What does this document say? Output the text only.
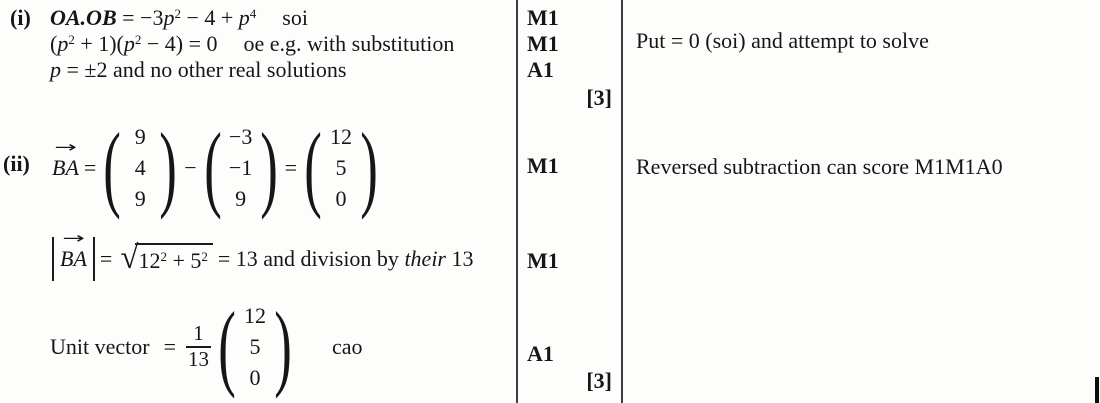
(i) $OA.OB = -3p^2 - 4 + p^4$ soi
$(p^2 + 1)(p^2 - 4) = 0$ oe e.g. with substitution
p = ±2 and no other real solutions
(ii)
→
BA = ( 9
4
9 ) − ( −3
−1
9 ) = ( 12
5
0 )
→
BA = √ $12^2 + 5^2 = 13$ and division by their 13
Unit vector = $\frac{1}{13}$ ( 12
5
0 ) cao
M1
M1
A1
[3]
M1
M1
A1
[3]
Put = 0 (soi) and attempt to solve
Reversed subtraction can score M1M1A0
